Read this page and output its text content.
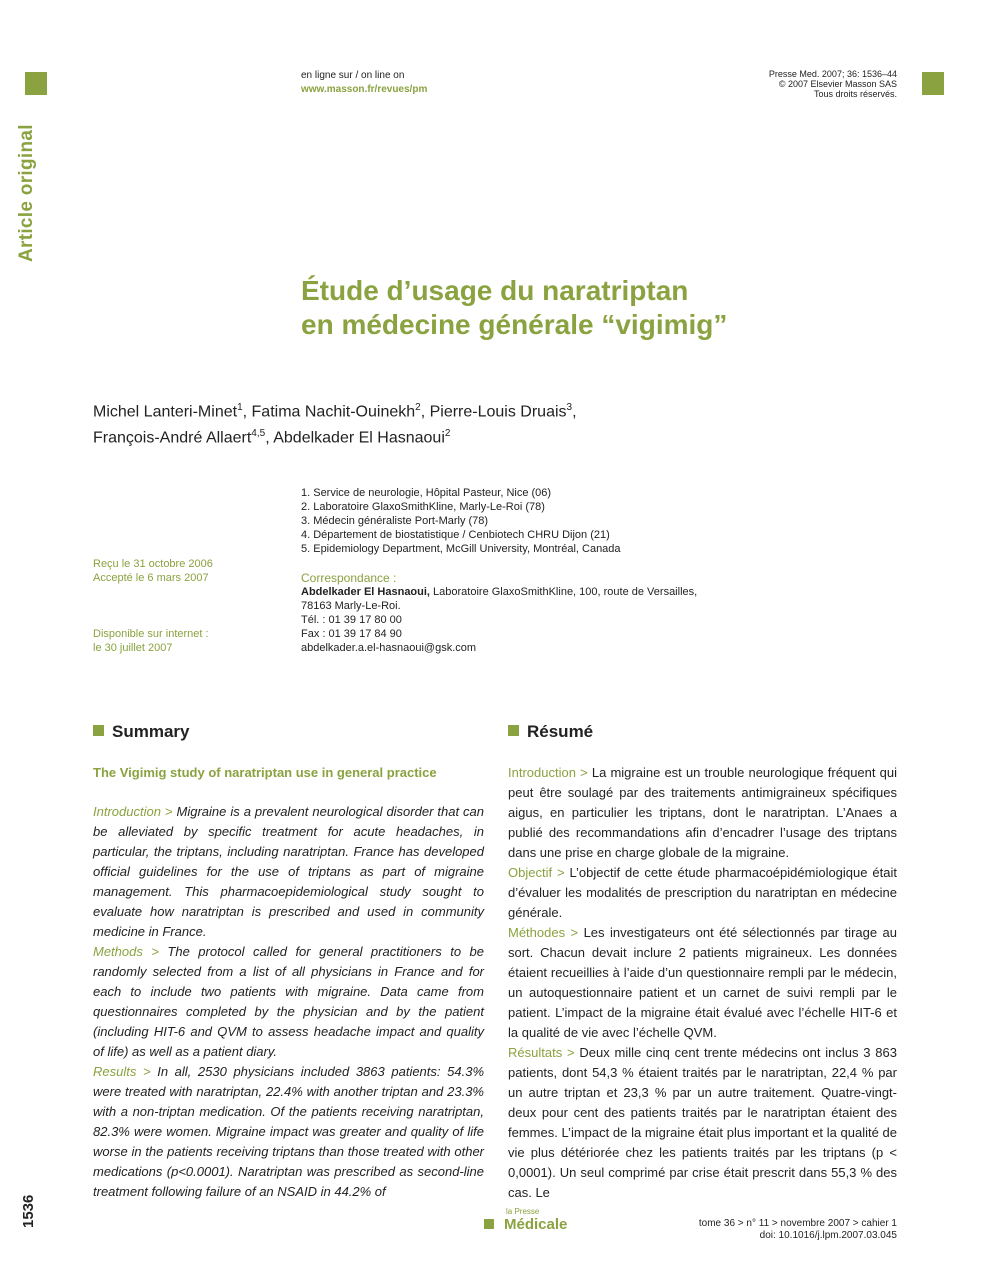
Article original
en ligne sur / on line on
www.masson.fr/revues/pm
Presse Med. 2007; 36: 1536–44
© 2007 Elsevier Masson SAS
Tous droits réservés.
Étude d’usage du naratriptan
en médecine générale “vigimig”
Michel Lanteri-Minet$^1$, Fatima Nachit-Ouinekh$^2$, Pierre-Louis Druais$^3$,
François-André Allaert$^{4,5}$, Abdelkader El Hasnaoui$^2$
1. Service de neurologie, Hôpital Pasteur, Nice (06)
2. Laboratoire GlaxoSmithKline, Marly-Le-Roi (78)
3. Médecin généraliste Port-Marly (78)
4. Département de biostatistique / Cenbiotech CHRU Dijon (21)
5. Epidemiology Department, McGill University, Montréal, Canada
Reçu le 31 octobre 2006
Accepté le 6 mars 2007
Disponible sur internet :
le 30 juillet 2007
Correspondance :
Abdelkader El Hasnaoui, Laboratoire GlaxoSmithKline, 100, route de Versailles,
78163 Marly-Le-Roi.
Tél. : 01 39 17 80 00
Fax : 01 39 17 84 90
abdelkader.a.el-hasnaoui@gsk.com
Summary	Résumé
The Vigimig study of naratriptan use in general practice
Introduction > Migraine is a prevalent neurological disorder that can be alleviated by specific treatment for acute headaches, in particular, the triptans, including naratriptan. France has developed official guidelines for the use of triptans as part of migraine management. This pharmacoepidemiological study sought to evaluate how naratriptan is prescribed and used in community medicine in France.
Methods > The protocol called for general practitioners to be randomly selected from a list of all physicians in France and for each to include two patients with migraine. Data came from questionnaires completed by the physician and by the patient (including HIT-6 and QVM to assess headache impact and quality of life) as well as a patient diary.
Results > In all, 2530 physicians included 3863 patients: 54.3% were treated with naratriptan, 22.4% with another triptan and 23.3% with a non-triptan medication. Of the patients receiving naratriptan, 82.3% were women. Migraine impact was greater and quality of life worse in the patients receiving triptans than those treated with other medications (p<0.0001). Naratriptan was prescribed as second-line treatment following failure of an NSAID in 44.2% of
Introduction > La migraine est un trouble neurologique fréquent qui peut être soulagé par des traitements antimigraineux spécifiques aigus, en particulier les triptans, dont le naratriptan. L’Anaes a publié des recommandations afin d’encadrer l’usage des triptans dans une prise en charge globale de la migraine.
Objectif > L’objectif de cette étude pharmacoépidémiologique était d’évaluer les modalités de prescription du naratriptan en médecine générale.
Méthodes > Les investigateurs ont été sélectionnés par tirage au sort. Chacun devait inclure 2 patients migraineux. Les données étaient recueillies à l’aide d’un questionnaire rempli par le médecin, un autoquestionnaire patient et un carnet de suivi rempli par le patient. L’impact de la migraine était évalué avec l’échelle HIT-6 et la qualité de vie avec l’échelle QVM.
Résultats > Deux mille cinq cent trente médecins ont inclus 3 863 patients, dont 54,3 % étaient traités par le naratriptan, 22,4 % par un autre triptan et 23,3 % par un autre traitement. Quatre-vingt-deux pour cent des patients traités par le naratriptan étaient des femmes. L’impact de la migraine était plus important et la qualité de vie plus détériorée chez les patients traités par les triptans (p < 0,0001). Un seul comprimé par crise était prescrit dans 55,3 % des cas. Le
1536	la Presse
Médicale	tome 36 > n° 11 > novembre 2007 > cahier 1
doi: 10.1016/j.lpm.2007.03.045
